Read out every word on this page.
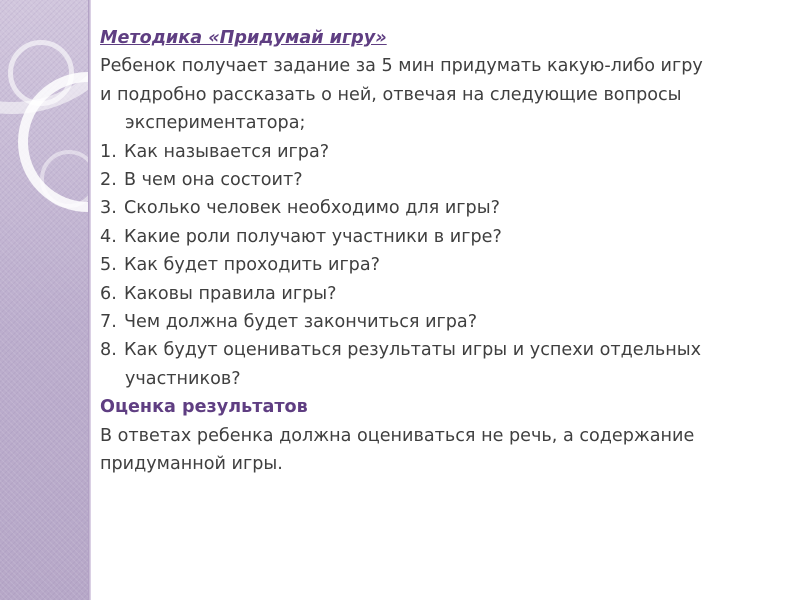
Методика «Придумай игру»
Ребенок получает задание за 5 мин придумать какую-либо игру
и подробно рассказать о ней, отвечая на следующие вопросы
экспериментатора;
1. Как называется игра?
2. В чем она состоит?
3. Сколько человек необходимо для игры?
4. Какие роли получают участники в игре?
5. Как будет проходить игра?
6. Каковы правила игры?
7. Чем должна будет закончиться игра?
8. Как будут оцениваться результаты игры и успехи отдельных
участников?
Оценка результатов
В ответах ребенка должна оцениваться не речь, а содержание
придуманной игры.
